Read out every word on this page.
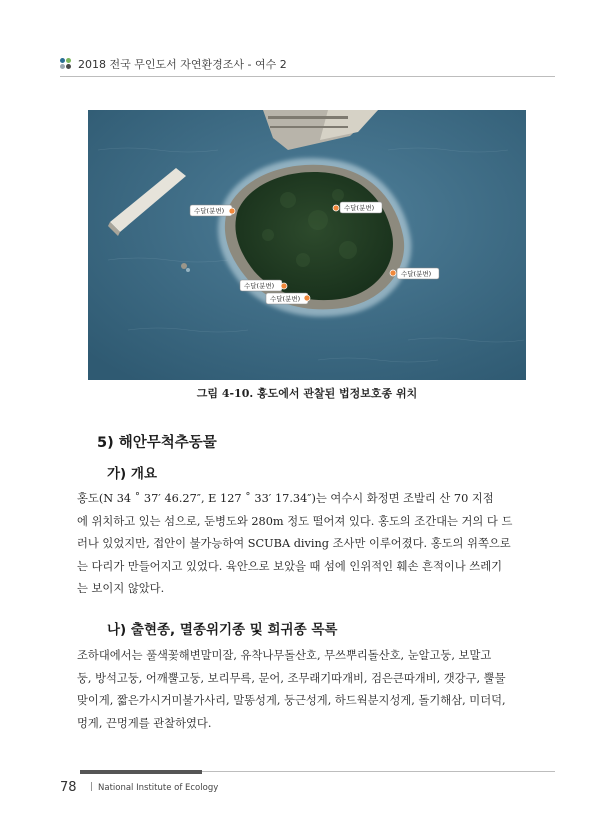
2018 전국 무인도서 자연환경조사 - 여수 2
수달(분변)	수달(분변)
수달(분변)
수달(분변)
수달(분변)
그림 4-10. 홍도에서 관찰된 법정보호종 위치
5) 해안무척추동물
가) 개요
홍도(N 34 ˚ 37′ 46.27″, E 127 ˚ 33′ 17.34″)는 여수시 화정면 조발리 산 70 지점
에 위치하고 있는 섬으로, 둔병도와 280m 정도 떨어져 있다. 홍도의 조간대는 거의 다 드
러나 있었지만, 접안이 불가능하여 SCUBA diving 조사만 이루어졌다. 홍도의 위쪽으로
는 다리가 만들어지고 있었다. 육안으로 보았을 때 섬에 인위적인 훼손 흔적이나 쓰레기
는 보이지 않았다.
나) 출현종, 멸종위기종 및 희귀종 목록
조하대에서는 풀색꽃해변말미잘, 유착나무돌산호, 무쓰뿌리돌산호, 눈알고둥, 보말고
둥, 방석고둥, 어깨뿔고둥, 보리무륵, 문어, 조무래기따개비, 검은큰따개비, 갯강구, 뿔물
맞이게, 짧은가시거미불가사리, 말똥성게, 둥근성게, 하드웍분지성게, 돌기해삼, 미더덕,
멍게, 끈멍게를 관찰하였다.
78 | National Institute of Ecology
